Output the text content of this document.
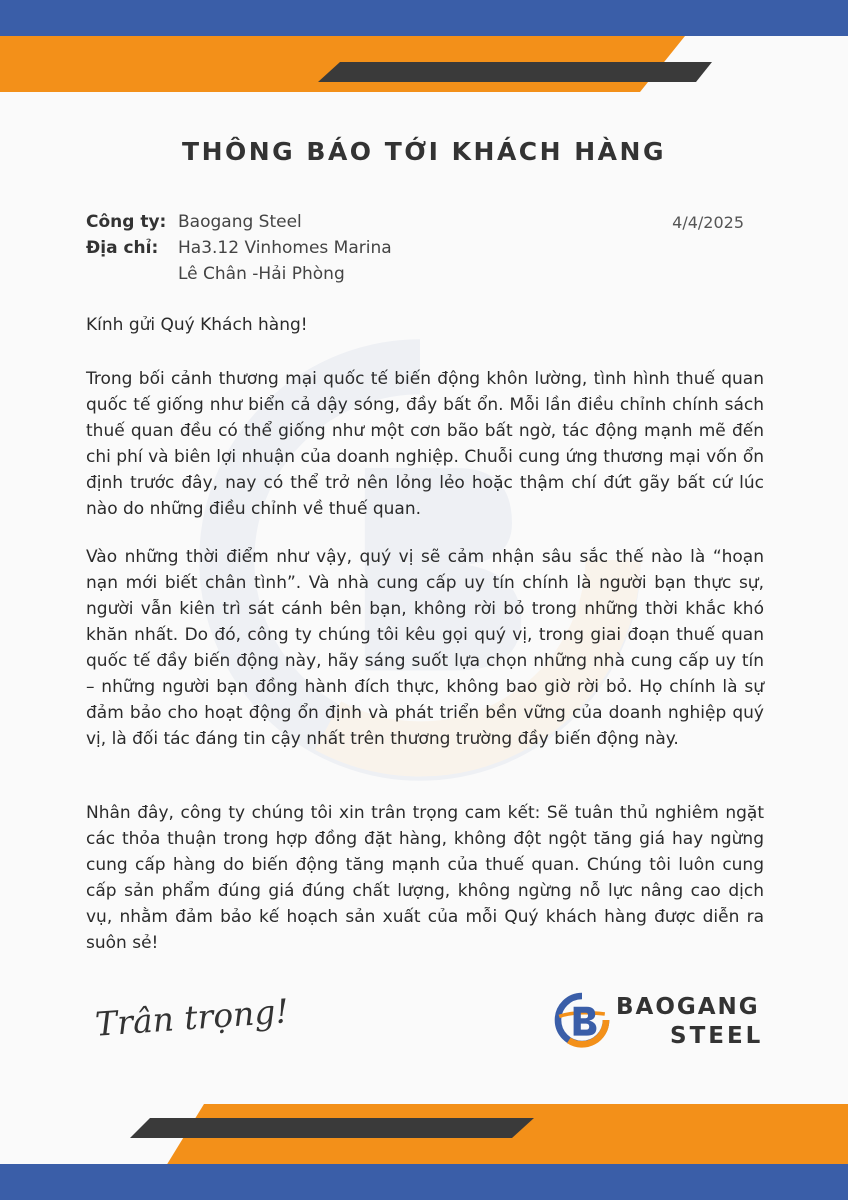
THÔNG BÁO TỚI KHÁCH HÀNG
Công ty: Baogang Steel
Địa chỉ:	Ha3.12 Vinhomes Marina
Lê Chân -Hải Phòng
4/4/2025
Kính gửi Quý Khách hàng!

Trong bối cảnh thương mại quốc tế biến động khôn lường, tình hình thuế quan quốc tế giống như biển cả dậy sóng, đầy bất ổn. Mỗi lần điều chỉnh chính sách thuế quan đều có thể giống như một cơn bão bất ngờ, tác động mạnh mẽ đến chi phí và biên lợi nhuận của doanh nghiệp. Chuỗi cung ứng thương mại vốn ổn định trước đây, nay có thể trở nên lỏng lẻo hoặc thậm chí đứt gãy bất cứ lúc nào do những điều chỉnh về thuế quan.

Vào những thời điểm như vậy, quý vị sẽ cảm nhận sâu sắc thế nào là “hoạn nạn mới biết chân tình”. Và nhà cung cấp uy tín chính là người bạn thực sự, người vẫn kiên trì sát cánh bên bạn, không rời bỏ trong những thời khắc khó khăn nhất. Do đó, công ty chúng tôi kêu gọi quý vị, trong giai đoạn thuế quan quốc tế đầy biến động này, hãy sáng suốt lựa chọn những nhà cung cấp uy tín – những người bạn đồng hành đích thực, không bao giờ rời bỏ. Họ chính là sự đảm bảo cho hoạt động ổn định và phát triển bền vững của doanh nghiệp quý vị, là đối tác đáng tin cậy nhất trên thương trường đầy biến động này.

Nhân đây, công ty chúng tôi xin trân trọng cam kết: Sẽ tuân thủ nghiêm ngặt các thỏa thuận trong hợp đồng đặt hàng, không đột ngột tăng giá hay ngừng cung cấp hàng do biến động tăng mạnh của thuế quan. Chúng tôi luôn cung cấp sản phẩm đúng giá đúng chất lượng, không ngừng nỗ lực nâng cao dịch vụ, nhằm đảm bảo kế hoạch sản xuất của mỗi Quý khách hàng được diễn ra suôn sẻ!

Trân trọng!	BAOGANG
STEEL
